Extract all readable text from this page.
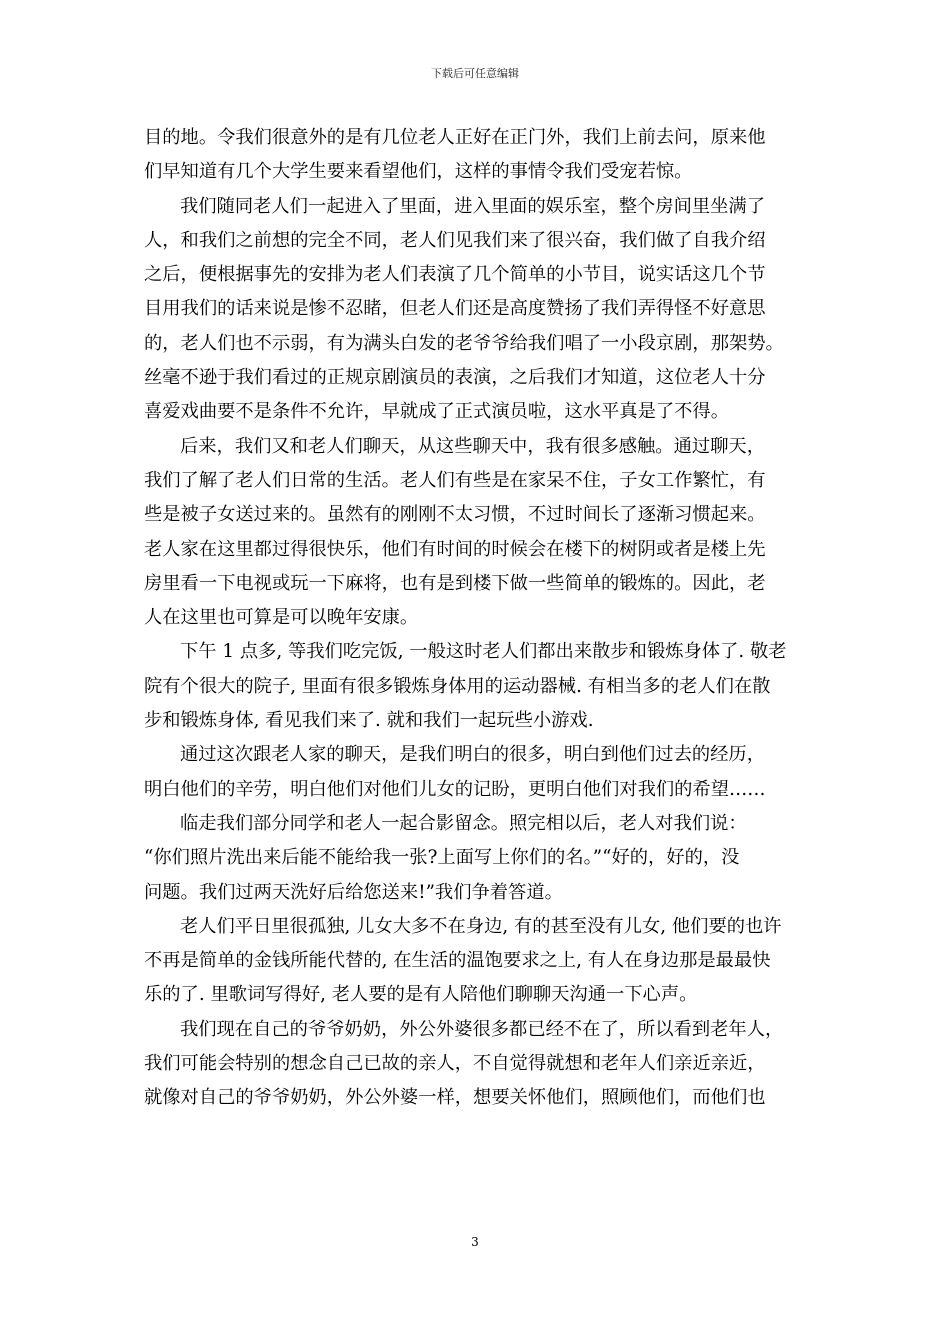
下载后可任意编辑
目的地。令我们很意外的是有几位老人正好在正门外，我们上前去问，原来他
们早知道有几个大学生要来看望他们，这样的事情令我们受宠若惊。
我们随同老人们一起进入了里面，进入里面的娱乐室，整个房间里坐满了
人，和我们之前想的完全不同，老人们见我们来了很兴奋，我们做了自我介绍
之后，便根据事先的安排为老人们表演了几个简单的小节目，说实话这几个节
目用我们的话来说是惨不忍睹，但老人们还是高度赞扬了我们弄得怪不好意思
的，老人们也不示弱，有为满头白发的老爷爷给我们唱了一小段京剧，那架势。
丝毫不逊于我们看过的正规京剧演员的表演，之后我们才知道，这位老人十分
喜爱戏曲要不是条件不允许，早就成了正式演员啦，这水平真是了不得。
后来，我们又和老人们聊天，从这些聊天中，我有很多感触。通过聊天，
我们了解了老人们日常的生活。老人们有些是在家呆不住，子女工作繁忙，有
些是被子女送过来的。虽然有的刚刚不太习惯，不过时间长了逐渐习惯起来。
老人家在这里都过得很快乐，他们有时间的时候会在楼下的树阴或者是楼上先
房里看一下电视或玩一下麻将，也有是到楼下做一些简单的锻炼的。因此，老
人在这里也可算是可以晚年安康。
下午 1 点多, 等我们吃完饭, 一般这时老人们都出来散步和锻炼身体了. 敬老
院有个很大的院子, 里面有很多锻炼身体用的运动器械. 有相当多的老人们在散
步和锻炼身体, 看见我们来了. 就和我们一起玩些小游戏.
通过这次跟老人家的聊天，是我们明白的很多，明白到他们过去的经历，
明白他们的辛劳，明白他们对他们儿女的记盼，更明白他们对我们的希望……
临走我们部分同学和老人一起合影留念。照完相以后，老人对我们说：
“你们照片洗出来后能不能给我一张?上面写上你们的名。”“好的，好的，没
问题。我们过两天洗好后给您送来!”我们争着答道。
老人们平日里很孤独, 儿女大多不在身边, 有的甚至没有儿女, 他们要的也许
不再是简单的金钱所能代替的, 在生活的温饱要求之上, 有人在身边那是最最快
乐的了. 里歌词写得好, 老人要的是有人陪他们聊聊天沟通一下心声。
我们现在自己的爷爷奶奶，外公外婆很多都已经不在了，所以看到老年人，
我们可能会特别的想念自己已故的亲人，不自觉得就想和老年人们亲近亲近，
就像对自己的爷爷奶奶，外公外婆一样，想要关怀他们，照顾他们，而他们也
3
